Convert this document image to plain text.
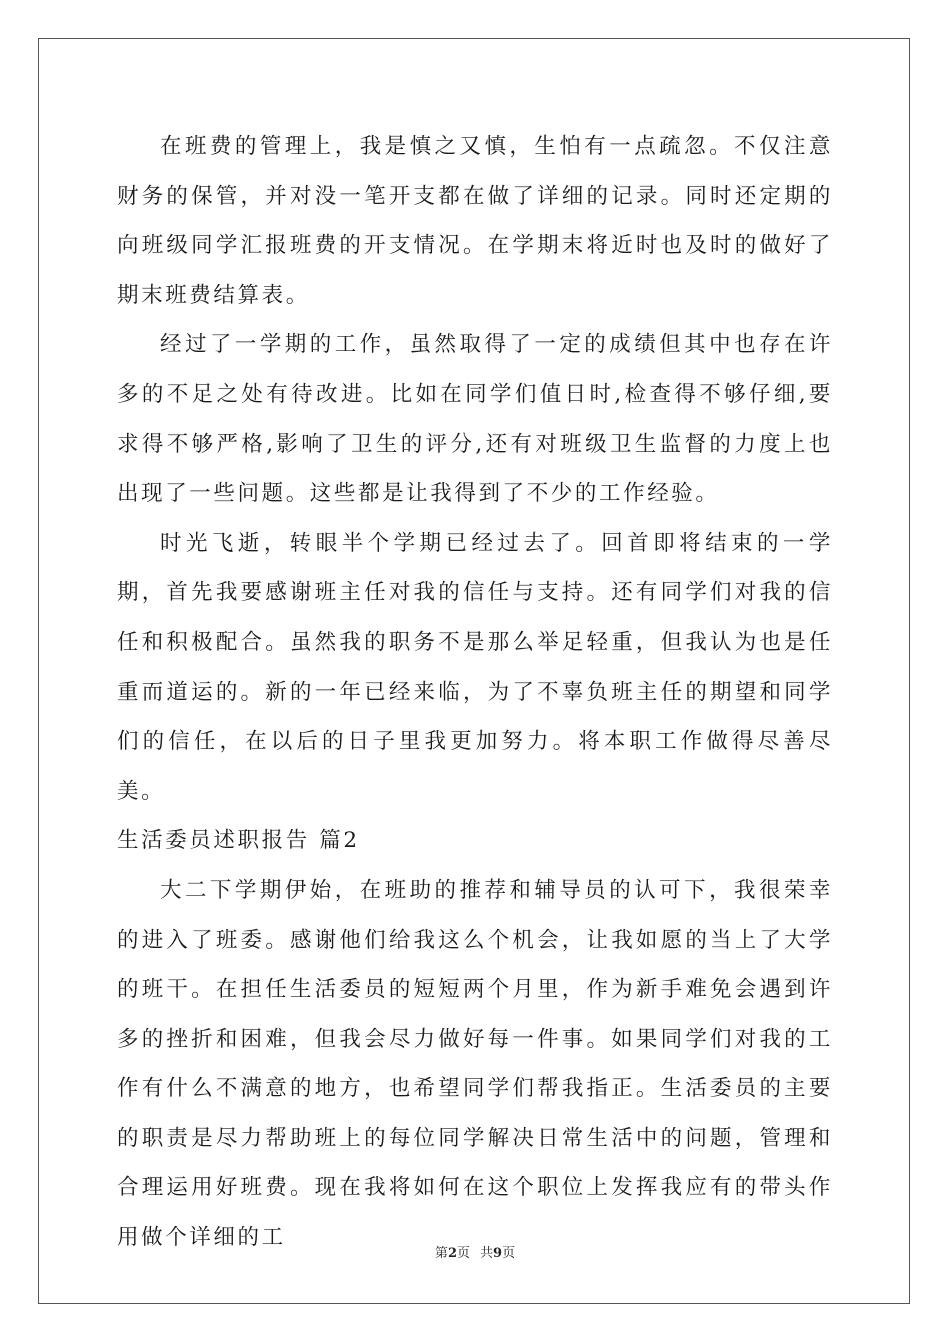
在班费的管理上，我是慎之又慎，生怕有一点疏忽。不仅注意财务的保管，并对没一笔开支都在做了详细的记录。同时还定期的向班级同学汇报班费的开支情况。在学期末将近时也及时的做好了期末班费结算表。

经过了一学期的工作，虽然取得了一定的成绩但其中也存在许多的不足之处有待改进。比如在同学们值日时,检查得不够仔细,要求得不够严格,影响了卫生的评分,还有对班级卫生监督的力度上也出现了一些问题。这些都是让我得到了不少的工作经验。

时光飞逝，转眼半个学期已经过去了。回首即将结束的一学期，首先我要感谢班主任对我的信任与支持。还有同学们对我的信任和积极配合。虽然我的职务不是那么举足轻重，但我认为也是任重而道运的。新的一年已经来临，为了不辜负班主任的期望和同学们的信任，在以后的日子里我更加努力。将本职工作做得尽善尽美。

生活委员述职报告 篇2

大二下学期伊始，在班助的推荐和辅导员的认可下，我很荣幸的进入了班委。感谢他们给我这么个机会，让我如愿的当上了大学的班干。在担任生活委员的短短两个月里，作为新手难免会遇到许多的挫折和困难，但我会尽力做好每一件事。如果同学们对我的工作有什么不满意的地方，也希望同学们帮我指正。生活委员的主要的职责是尽力帮助班上的每位同学解决日常生活中的问题，管理和合理运用好班费。现在我将如何在这个职位上发挥我应有的带头作用做个详细的工

第2页 共9页
